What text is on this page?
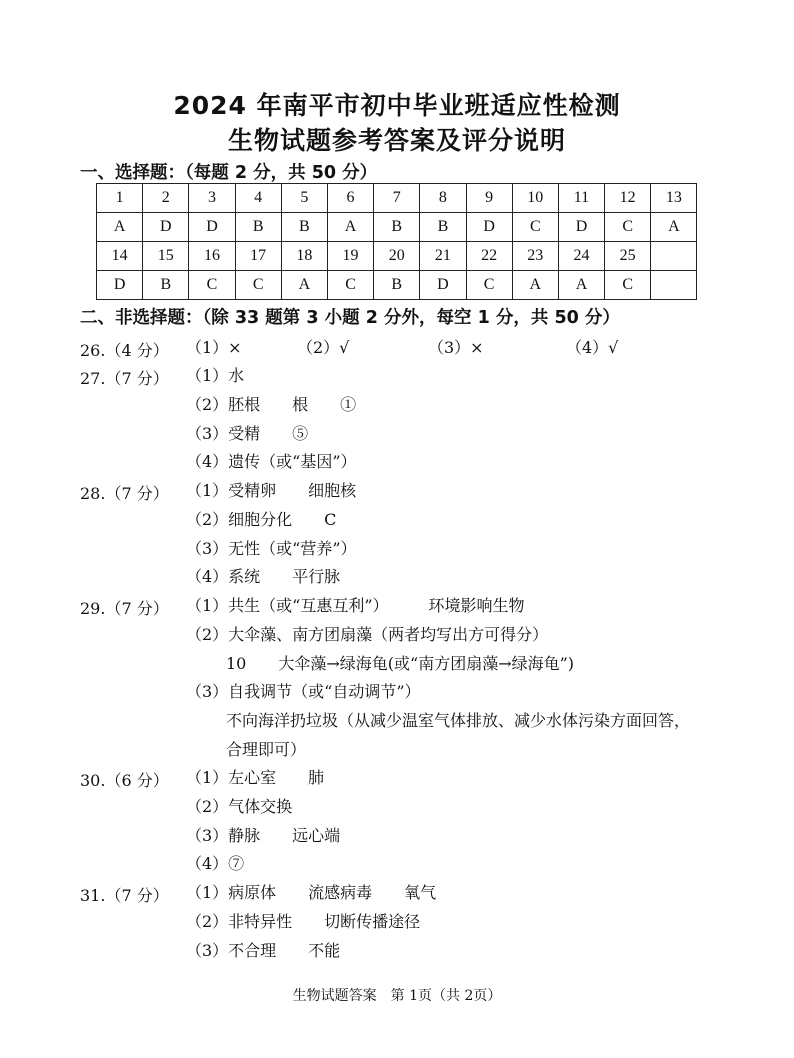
2024 年南平市初中毕业班适应性检测
生物试题参考答案及评分说明
一、选择题：（每题 2 分，共 50 分）
1	2	3	4	5	6	7	8	9	10	11	12	13
A	D	D	B	B	A	B	B	D	C	D	C	A
14	15	16	17	18	19	20	21	22	23	24	25	
D	B	C	C	A	C	B	D	C	A	A	C	
二、非选择题：（除 33 题第 3 小题 2 分外，每空 1 分，共 50 分）
26.（4 分） （1）×	（2）√	（3）×	（4）√
27.（7 分） （1）水
（2）胚根　　根　　①
（3）受精　　⑤
（4）遗传（或“基因”）
28.（7 分） （1）受精卵　　细胞核
（2）细胞分化　　C
（3）无性（或“营养”）
（4）系统　　平行脉
29.（7 分） （1）共生（或“互惠互利”）　　　环境影响生物
（2）大伞藻、南方团扇藻（两者均写出方可得分）
10　　大伞藻→绿海龟(或“南方团扇藻→绿海龟”)
（3）自我调节（或“自动调节”）
不向海洋扔垃圾（从减少温室气体排放、减少水体污染方面回答，
合理即可）
30.（6 分） （1）左心室　　肺
（2）气体交换
（3）静脉　　远心端
（4）⑦
31.（7 分） （1）病原体　　流感病毒　　氧气
（2）非特异性　　切断传播途径
（3）不合理　　不能
生物试题答案　第 1页（共 2页）
